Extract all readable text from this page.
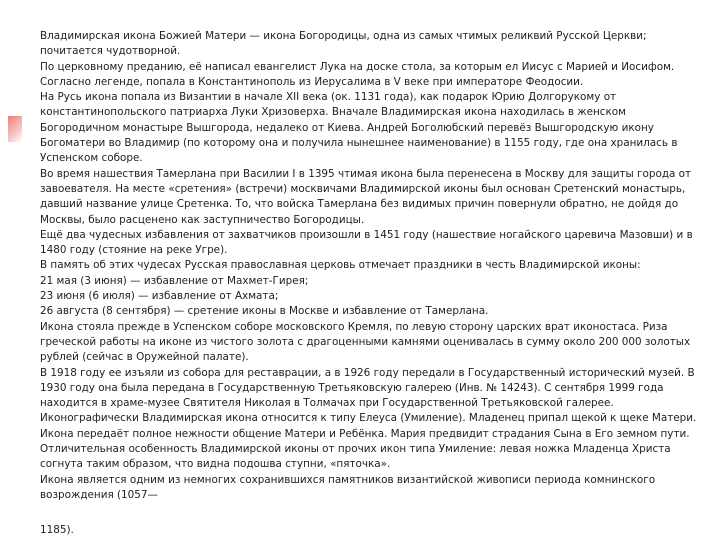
Владимирская икона Божией Матери — икона Богородицы, одна из самых чтимых реликвий Русской Церкви; почитается чудотворной.

По церковному преданию, её написал евангелист Лука на доске стола, за которым ел Иисус с Марией и Иосифом.

Согласно легенде, попала в Константинополь из Иерусалима в V веке при императоре Феодосии.

На Русь икона попала из Византии в начале XII века (ок. 1131 года), как подарок Юрию Долгорукому от константинопольского патриарха Луки Хризоверха. Вначале Владимирская икона находилась в женском Богородичном монастыре Вышгорода, недалеко от Киева. Андрей Боголюбский перевёз Вышгородскую икону Богоматери во Владимир (по которому она и получила нынешнее наименование) в 1155 году, где она хранилась в Успенском соборе.

Во время нашествия Тамерлана при Василии I в 1395 чтимая икона была перенесена в Москву для защиты города от завоевателя. На месте «сретения» (встречи) москвичами Владимирской иконы был основан Сретенский монастырь, давший название улице Сретенка. То, что войска Тамерлана без видимых причин повернули обратно, не дойдя до Москвы, было расценено как заступничество Богородицы.

Ещё два чудесных избавления от захватчиков произошли в 1451 году (нашествие ногайского царевича Мазовши) и в 1480 году (стояние на реке Угре).

В память об этих чудесах Русская православная церковь отмечает праздники в честь Владимирской иконы:

21 мая (3 июня) — избавление от Махмет-Гирея;

23 июня (6 июля) — избавление от Ахмата;

26 августа (8 сентября) — сретение иконы в Москве и избавление от Тамерлана.

Икона стояла прежде в Успенском соборе московского Кремля, по левую сторону царских врат иконостаса. Риза греческой работы на иконе из чистого золота с драгоценными камнями оценивалась в сумму около 200 000 золотых рублей (сейчас в Оружейной палате).

В 1918 году ее изъяли из собора для реставрации, а в 1926 году передали в Государственный исторический музей. В 1930 году она была передана в Государственную Третьяковскую галерею (Инв. № 14243). С сентября 1999 года находится в храме-музее Святителя Николая в Толмачах при Государственной Третьяковской галерее.

Иконографически Владимирская икона относится к типу Елеуса (Умиление). Младенец припал щекой к щеке Матери. Икона передаёт полное нежности общение Матери и Ребёнка. Мария предвидит страдания Сына в Его земном пути.

Отличительная особенность Владимирской иконы от прочих икон типа Умиление: левая ножка Младенца Христа согнута таким образом, что видна подошва ступни, «пяточка».

Икона является одним из немногих сохранившихся памятников византийской живописи периода комнинского возрождения (1057—

1185).
